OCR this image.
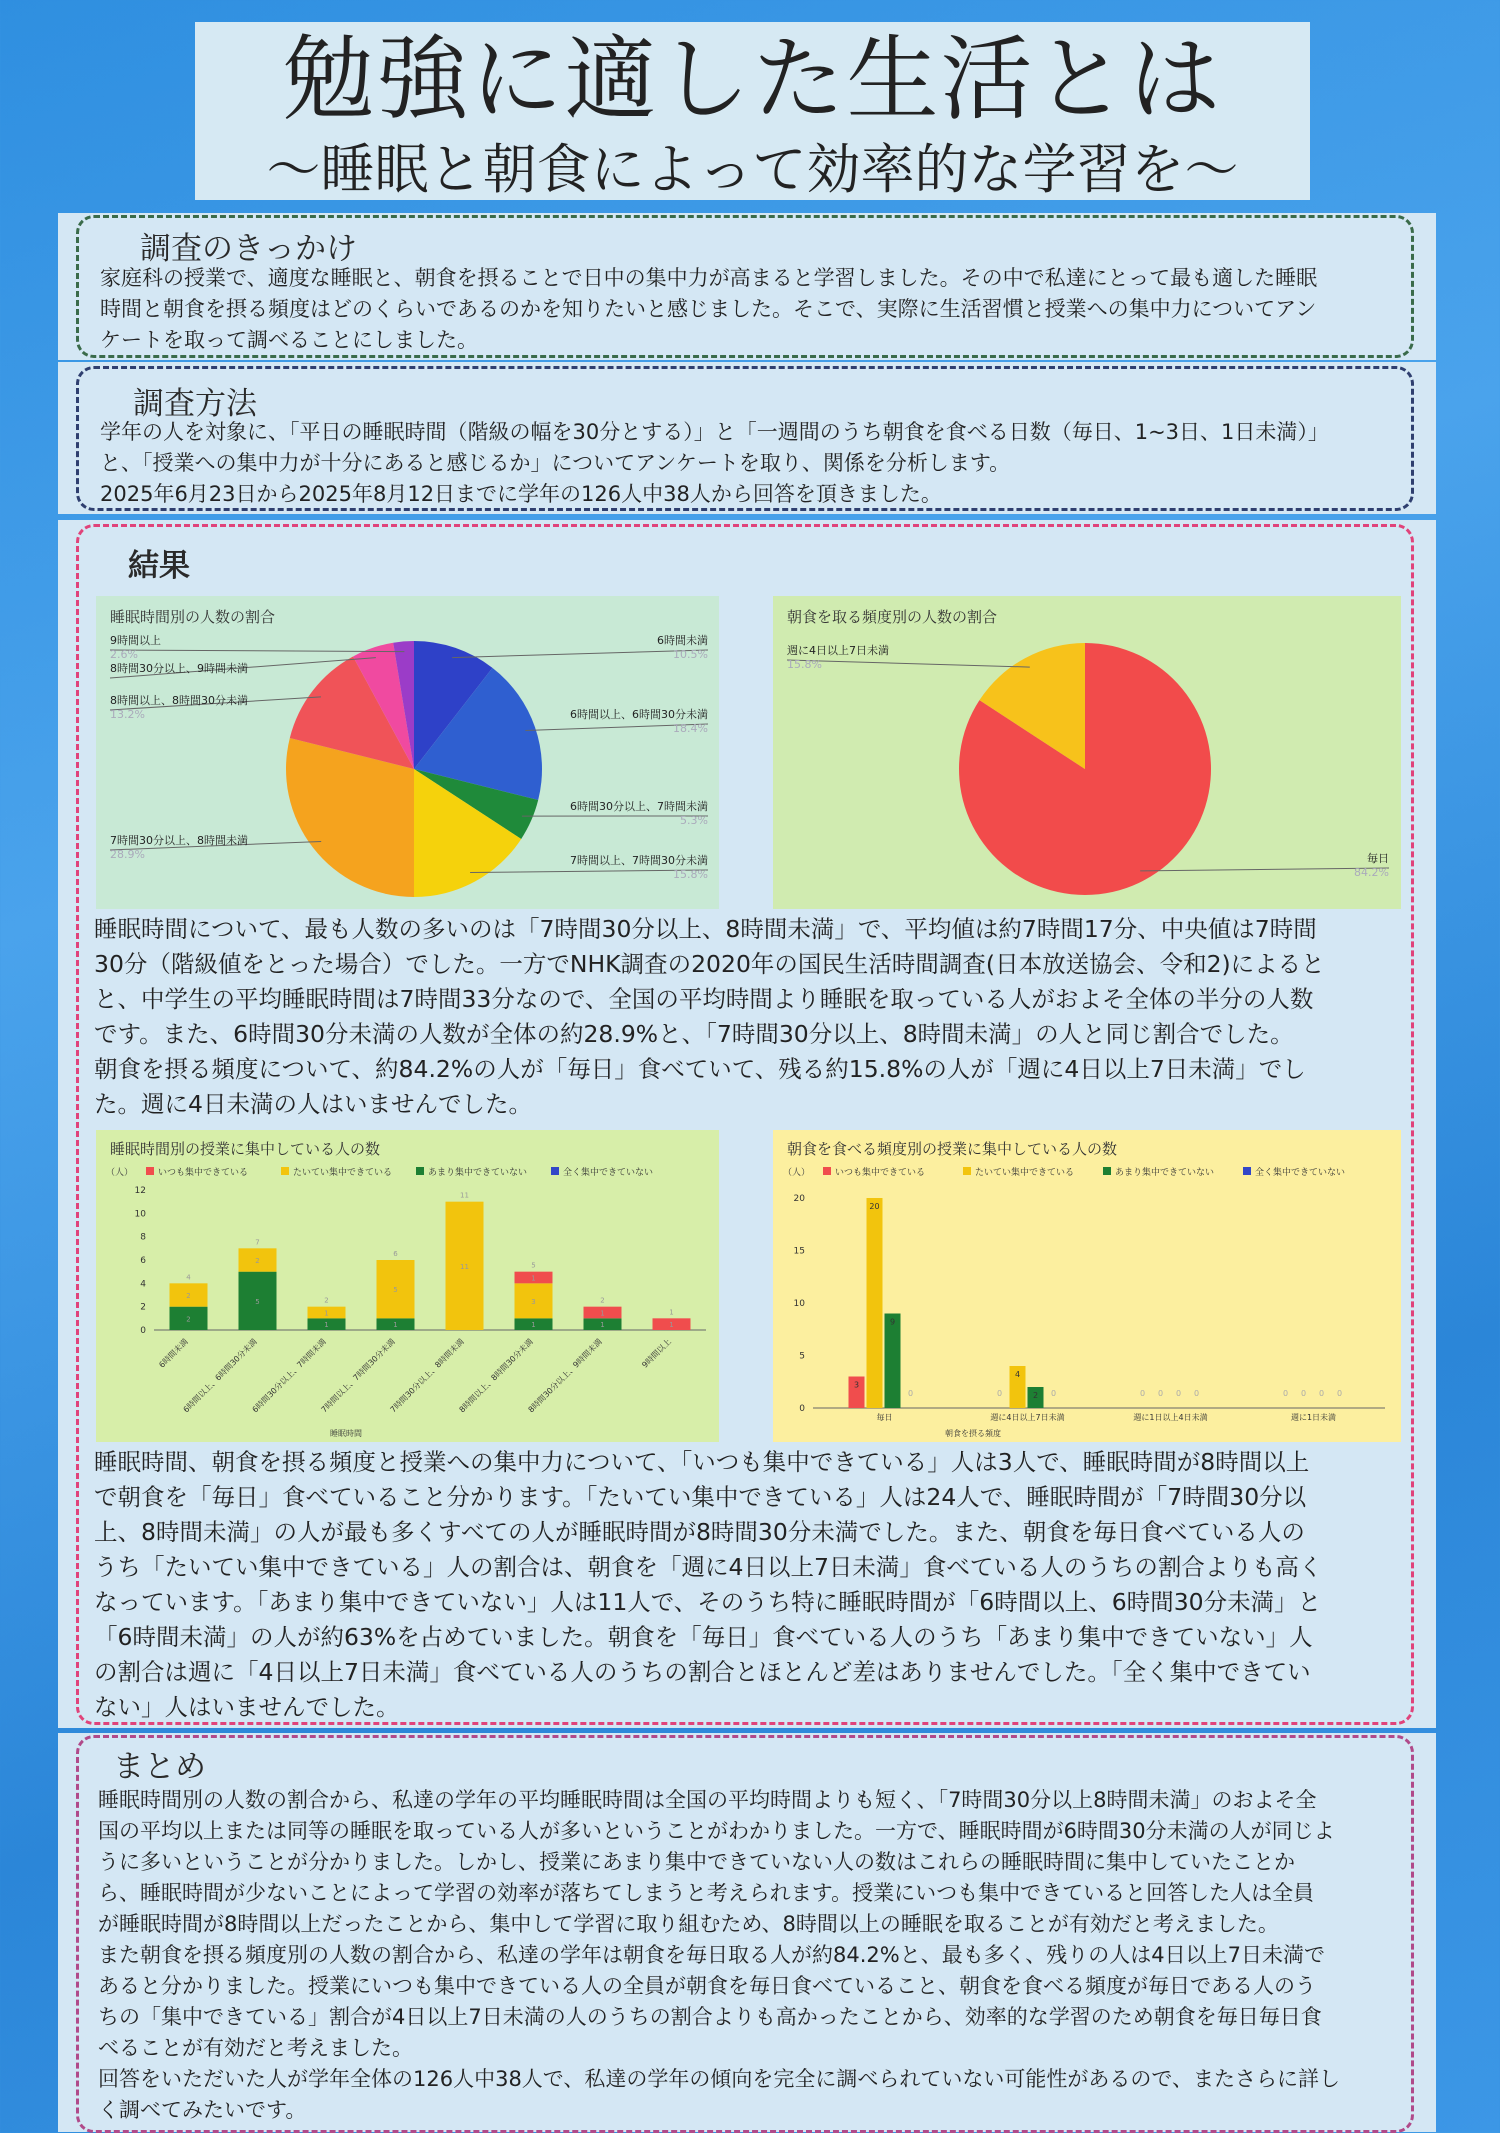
勉強に適した生活とは
〜睡眠と朝食によって効率的な学習を〜
調査のきっかけ
家庭科の授業で、適度な睡眠と、朝食を摂ることで日中の集中力が高まると学習しました。その中で私達にとって最も適した睡眠
時間と朝食を摂る頻度はどのくらいであるのかを知りたいと感じました。そこで、実際に生活習慣と授業への集中力についてアン
ケートを取って調べることにしました。
調査方法
学年の人を対象に、「平日の睡眠時間（階級の幅を30分とする）」と「一週間のうち朝食を食べる日数（毎日、1~3日、1日未満）」
と、「授業への集中力が十分にあると感じるか」についてアンケートを取り、関係を分析します。
2025年6月23日から2025年8月12日までに学年の126人中38人から回答を頂きました。
結果
睡眠時間別の人数の割合
6時間未満
10.5%
6時間以上、6時間30分未満
18.4%
6時間30分以上、7時間未満
5.3%
7時間以上、7時間30分未満
15.8%
7時間30分以上、8時間未満
28.9%
8時間以上、8時間30分未満
13.2%
8時間30分以上、9時間未満
9時間以上
2.6%
朝食を取る頻度別の人数の割合
毎日
84.2%
週に4日以上7日未満
15.8%
睡眠時間について、最も人数の多いのは「7時間30分以上、8時間未満」で、平均値は約7時間17分、中央値は7時間
30分（階級値をとった場合）でした。一方でNHK調査の2020年の国民生活時間調査(日本放送協会、令和2)によると
と、中学生の平均睡眠時間は7時間33分なので、全国の平均時間より睡眠を取っている人がおよそ全体の半分の人数
です。また、6時間30分未満の人数が全体の約28.9%と、「7時間30分以上、8時間未満」の人と同じ割合でした。
朝食を摂る頻度について、約84.2%の人が「毎日」食べていて、残る約15.8%の人が「週に4日以上7日未満」でし
た。週に4日未満の人はいませんでした。
睡眠時間別の授業に集中している人の数
（人）	いつも集中できている	たいてい集中できている	あまり集中できていない	全く集中できていない
0
2
4
6
8
10
12
2
2
4
6時間未満
5
2
7
6時間以上、6時間30分未満
1
1
2
6時間30分以上、7時間未満
1
5
6
7時間以上、7時間30分未満
11
11
7時間30分以上、8時間未満
1
3
1
5
8時間以上、8時間30分未満
1
1
2
8時間30分以上、9時間未満
1
1
9時間以上
睡眠時間
朝食を食べる頻度別の授業に集中している人の数
（人）	いつも集中できている	たいてい集中できている	あまり集中できていない	全く集中できていない
0
5
10
15
20
3
20
9
0
毎日
0
4
2 0
週に4日以上7日未満
0 0 0 0
週に1日以上4日未満
0 0 0 0
週に1日未満
朝食を摂る頻度
睡眠時間、朝食を摂る頻度と授業への集中力について、「いつも集中できている」人は3人で、睡眠時間が8時間以上
で朝食を「毎日」食べていること分かります。「たいてい集中できている」人は24人で、睡眠時間が「7時間30分以
上、8時間未満」の人が最も多くすべての人が睡眠時間が8時間30分未満でした。また、朝食を毎日食べている人の
うち「たいてい集中できている」人の割合は、朝食を「週に4日以上7日未満」食べている人のうちの割合よりも高く
なっています。「あまり集中できていない」人は11人で、そのうち特に睡眠時間が「6時間以上、6時間30分未満」と
「6時間未満」の人が約63%を占めていました。朝食を「毎日」食べている人のうち「あまり集中できていない」人
の割合は週に「4日以上7日未満」食べている人のうちの割合とほとんど差はありませんでした。「全く集中できてい
ない」人はいませんでした。
まとめ
睡眠時間別の人数の割合から、私達の学年の平均睡眠時間は全国の平均時間よりも短く、「7時間30分以上8時間未満」のおよそ全
国の平均以上または同等の睡眠を取っている人が多いということがわかりました。一方で、睡眠時間が6時間30分未満の人が同じよ
うに多いということが分かりました。しかし、授業にあまり集中できていない人の数はこれらの睡眠時間に集中していたことか
ら、睡眠時間が少ないことによって学習の効率が落ちてしまうと考えられます。授業にいつも集中できていると回答した人は全員
が睡眠時間が8時間以上だったことから、集中して学習に取り組むため、8時間以上の睡眠を取ることが有効だと考えました。
また朝食を摂る頻度別の人数の割合から、私達の学年は朝食を毎日取る人が約84.2%と、最も多く、残りの人は4日以上7日未満で
あると分かりました。授業にいつも集中できている人の全員が朝食を毎日食べていること、朝食を食べる頻度が毎日である人のう
ちの「集中できている」割合が4日以上7日未満の人のうちの割合よりも高かったことから、効率的な学習のため朝食を毎日毎日食
べることが有効だと考えました。
回答をいただいた人が学年全体の126人中38人で、私達の学年の傾向を完全に調べられていない可能性があるので、またさらに詳し
く調べてみたいです。
